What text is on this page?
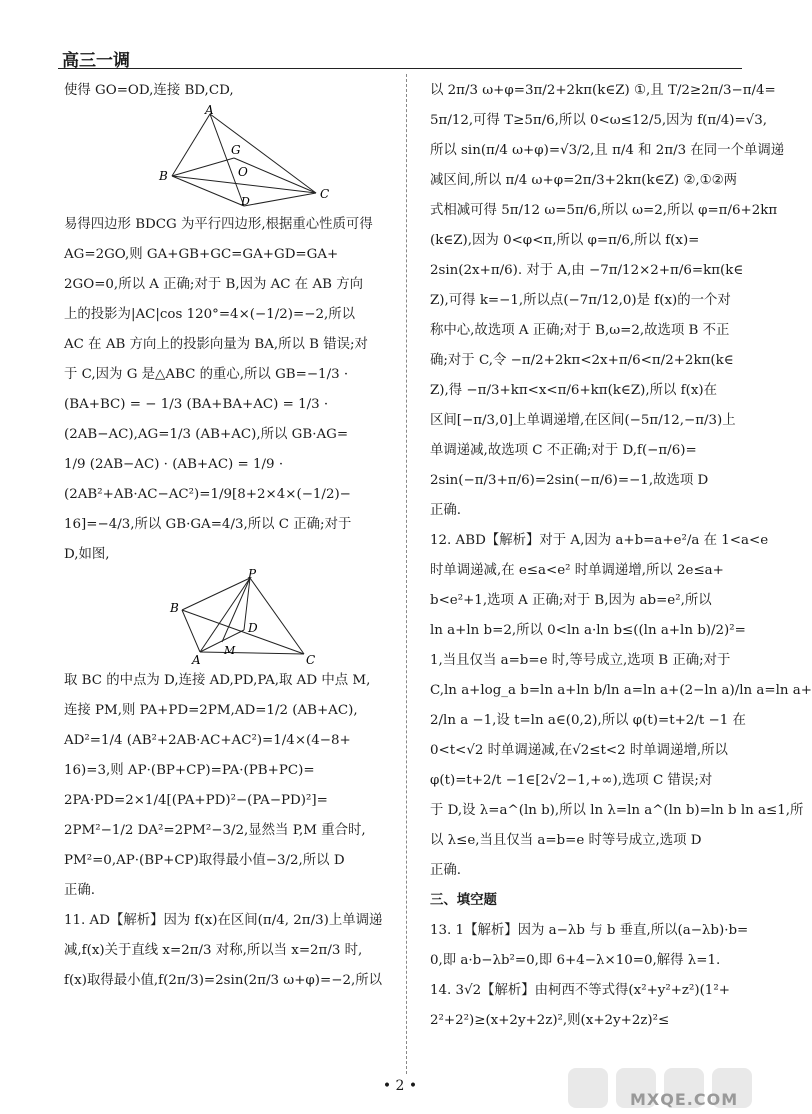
高三一调
使得 GO=OD,连接 BD,CD,
A
G
O
B
D
C
易得四边形 BDCG 为平行四边形,根据重心性质可得
AG=2GO,则 GA+GB+GC=GA+GD=GA+
2GO=0,所以 A 正确;对于 B,因为 AC 在 AB 方向
上的投影为|AC|cos 120°=4×(−1/2)=−2,所以
AC 在 AB 方向上的投影向量为 BA,所以 B 错误;对
于 C,因为 G 是△ABC 的重心,所以 GB=−1/3 ·
(BA+BC) = − 1/3 (BA+BA+AC) = 1/3 ·
(2AB−AC),AG=1/3 (AB+AC),所以 GB·AG=
1/9 (2AB−AC) · (AB+AC) = 1/9 ·
(2AB²+AB·AC−AC²)=1/9[8+2×4×(−1/2)−
16]=−4/3,所以 GB·GA=4/3,所以 C 正确;对于
D,如图,
P
B
D
A
M
C
取 BC 的中点为 D,连接 AD,PD,PA,取 AD 中点 M,
连接 PM,则 PA+PD=2PM,AD=1/2 (AB+AC),
AD²=1/4 (AB²+2AB·AC+AC²)=1/4×(4−8+
16)=3,则 AP·(BP+CP)=PA·(PB+PC)=
2PA·PD=2×1/4[(PA+PD)²−(PA−PD)²]=
2PM²−1/2 DA²=2PM²−3/2,显然当 P,M 重合时,
PM²=0,AP·(BP+CP)取得最小值−3/2,所以 D
正确.
11. AD【解析】因为 f(x)在区间(π/4, 2π/3)上单调递
减,f(x)关于直线 x=2π/3 对称,所以当 x=2π/3 时,
f(x)取得最小值,f(2π/3)=2sin(2π/3 ω+φ)=−2,所以
以 2π/3 ω+φ=3π/2+2kπ(k∈Z) ①,且 T/2≥2π/3−π/4=
5π/12,可得 T≥5π/6,所以 0<ω≤12/5,因为 f(π/4)=√3,
所以 sin(π/4 ω+φ)=√3/2,且 π/4 和 2π/3 在同一个单调递
减区间,所以 π/4 ω+φ=2π/3+2kπ(k∈Z) ②,①②两
式相减可得 5π/12 ω=5π/6,所以 ω=2,所以 φ=π/6+2kπ
(k∈Z),因为 0<φ<π,所以 φ=π/6,所以 f(x)=
2sin(2x+π/6). 对于 A,由 −7π/12×2+π/6=kπ(k∈
Z),可得 k=−1,所以点(−7π/12,0)是 f(x)的一个对
称中心,故选项 A 正确;对于 B,ω=2,故选项 B 不正
确;对于 C,令 −π/2+2kπ<2x+π/6<π/2+2kπ(k∈
Z),得 −π/3+kπ<x<π/6+kπ(k∈Z),所以 f(x)在
区间[−π/3,0]上单调递增,在区间(−5π/12,−π/3)上
单调递减,故选项 C 不正确;对于 D,f(−π/6)=
2sin(−π/3+π/6)=2sin(−π/6)=−1,故选项 D
正确.
12. ABD【解析】对于 A,因为 a+b=a+e²/a 在 1<a<e
时单调递减,在 e≤a<e² 时单调递增,所以 2e≤a+
b<e²+1,选项 A 正确;对于 B,因为 ab=e²,所以
ln a+ln b=2,所以 0<ln a·ln b≤((ln a+ln b)/2)²=
1,当且仅当 a=b=e 时,等号成立,选项 B 正确;对于
C,ln a+log_a b=ln a+ln b/ln a=ln a+(2−ln a)/ln a=ln a+
2/ln a −1,设 t=ln a∈(0,2),所以 φ(t)=t+2/t −1 在
0<t<√2 时单调递减,在√2≤t<2 时单调递增,所以
φ(t)=t+2/t −1∈[2√2−1,+∞),选项 C 错误;对
于 D,设 λ=a^(ln b),所以 ln λ=ln a^(ln b)=ln b ln a≤1,所
以 λ≤e,当且仅当 a=b=e 时等号成立,选项 D
正确.
三、填空题
13. 1【解析】因为 a−λb 与 b 垂直,所以(a−λb)·b=
0,即 a·b−λb²=0,即 6+4−λ×10=0,解得 λ=1.
14. 3√2【解析】由柯西不等式得(x²+y²+z²)(1²+
2²+2²)≥(x+2y+2z)²,则(x+2y+2z)²≤
• 2 •
MXQE.COM
